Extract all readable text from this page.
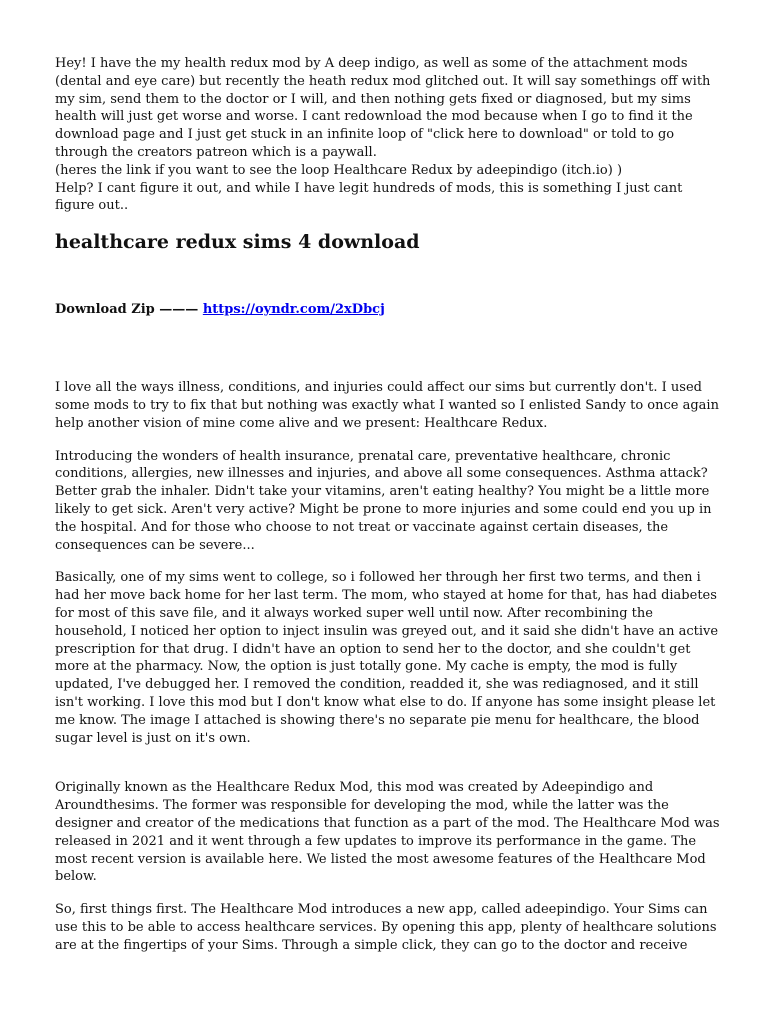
Hey! I have the my health redux mod by A deep indigo, as well as some of the attachment mods

(dental and eye care) but recently the heath redux mod glitched out. It will say somethings off with

my sim, send them to the doctor or I will, and then nothing gets fixed or diagnosed, but my sims

health will just get worse and worse. I cant redownload the mod because when I go to find it the

download page and I just get stuck in an infinite loop of "click here to download" or told to go

through the creators patreon which is a paywall.

(heres the link if you want to see the loop Healthcare Redux by adeepindigo (itch.io) )

Help? I cant figure it out, and while I have legit hundreds of mods, this is something I just cant

figure out..

healthcare redux sims 4 download

Download Zip ——— https://oyndr.com/2xDbcj

I love all the ways illness, conditions, and injuries could affect our sims but currently don't. I used
some mods to try to fix that but nothing was exactly what I wanted so I enlisted Sandy to once again
help another vision of mine come alive and we present: Healthcare Redux.
Introducing the wonders of health insurance, prenatal care, preventative healthcare, chronic
conditions, allergies, new illnesses and injuries, and above all some consequences. Asthma attack?
Better grab the inhaler. Didn't take your vitamins, aren't eating healthy? You might be a little more
likely to get sick. Aren't very active? Might be prone to more injuries and some could end you up in
the hospital. And for those who choose to not treat or vaccinate against certain diseases, the
consequences can be severe...
Basically, one of my sims went to college, so i followed her through her first two terms, and then i
had her move back home for her last term. The mom, who stayed at home for that, has had diabetes
for most of this save file, and it always worked super well until now. After recombining the
household, I noticed her option to inject insulin was greyed out, and it said she didn't have an active
prescription for that drug. I didn't have an option to send her to the doctor, and she couldn't get
more at the pharmacy. Now, the option is just totally gone. My cache is empty, the mod is fully
updated, I've debugged her. I removed the condition, readded it, she was rediagnosed, and it still
isn't working. I love this mod but I don't know what else to do. If anyone has some insight please let
me know. The image I attached is showing there's no separate pie menu for healthcare, the blood
sugar level is just on it's own.
Originally known as the Healthcare Redux Mod, this mod was created by Adeepindigo and
Aroundthesims. The former was responsible for developing the mod, while the latter was the
designer and creator of the medications that function as a part of the mod. The Healthcare Mod was
released in 2021 and it went through a few updates to improve its performance in the game. The
most recent version is available here. We listed the most awesome features of the Healthcare Mod
below.
So, first things first. The Healthcare Mod introduces a new app, called adeepindigo. Your Sims can
use this to be able to access healthcare services. By opening this app, plenty of healthcare solutions
are at the fingertips of your Sims. Through a simple click, they can go to the doctor and receive
